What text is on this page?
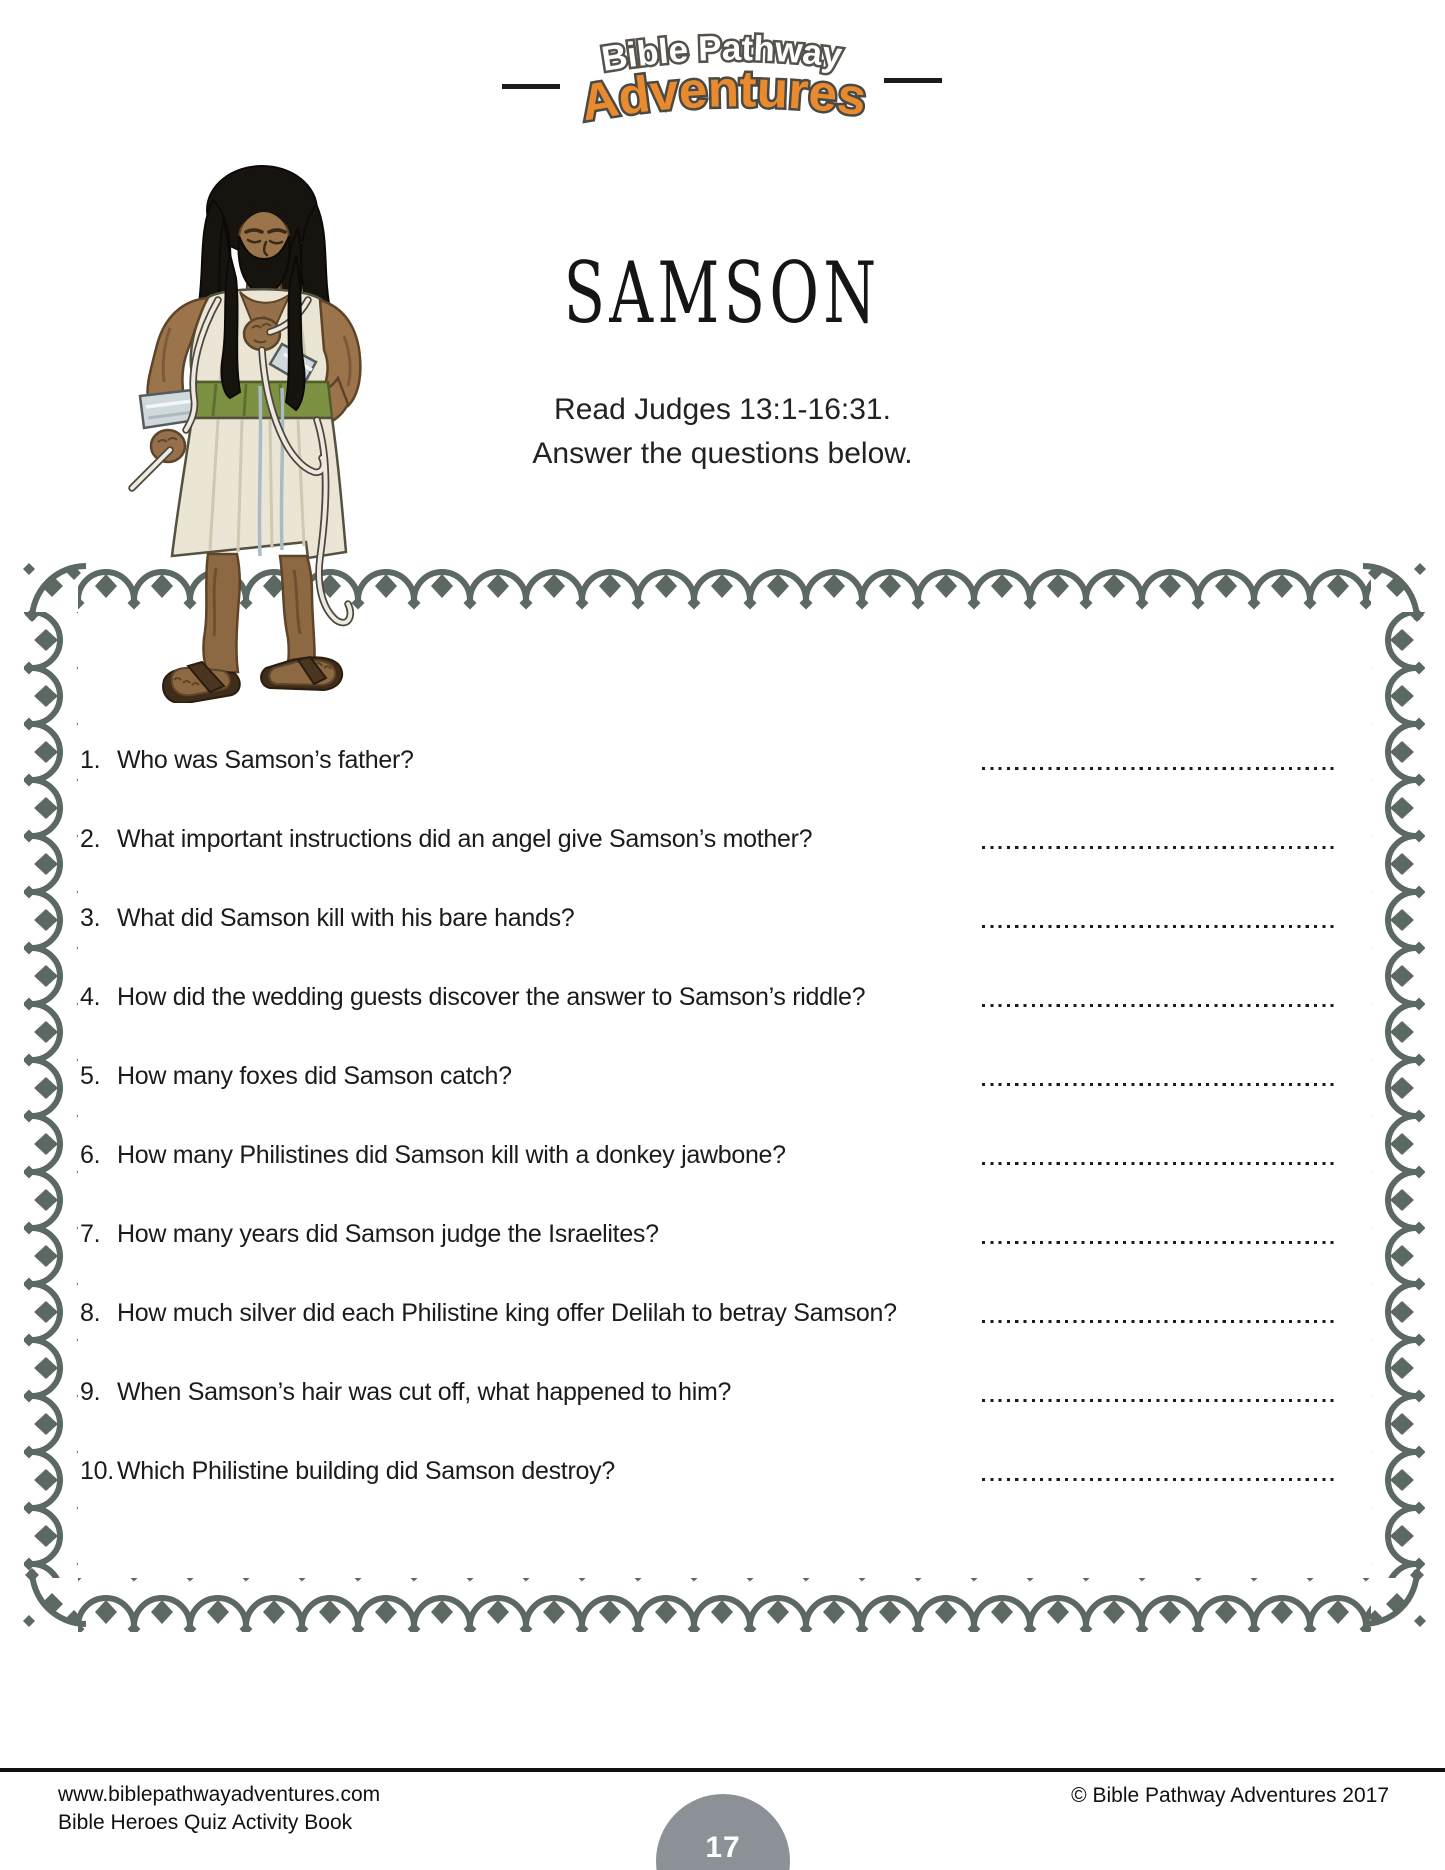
Bible Pathway
Adventures
SAMSON
Read Judges 13:1-16:31.
Answer the questions below.
1. Who was Samson’s father?
2. What important instructions did an angel give Samson’s mother?
3. What did Samson kill with his bare hands?
4. How did the wedding guests discover the answer to Samson’s riddle?
5. How many foxes did Samson catch?
6. How many Philistines did Samson kill with a donkey jawbone?
7. How many years did Samson judge the Israelites?
8. How much silver did each Philistine king offer Delilah to betray Samson?
9. When Samson’s hair was cut off, what happened to him?
10. Which Philistine building did Samson destroy?
www.biblepathwayadventures.com
Bible Heroes Quiz Activity Book
© Bible Pathway Adventures 2017
17
